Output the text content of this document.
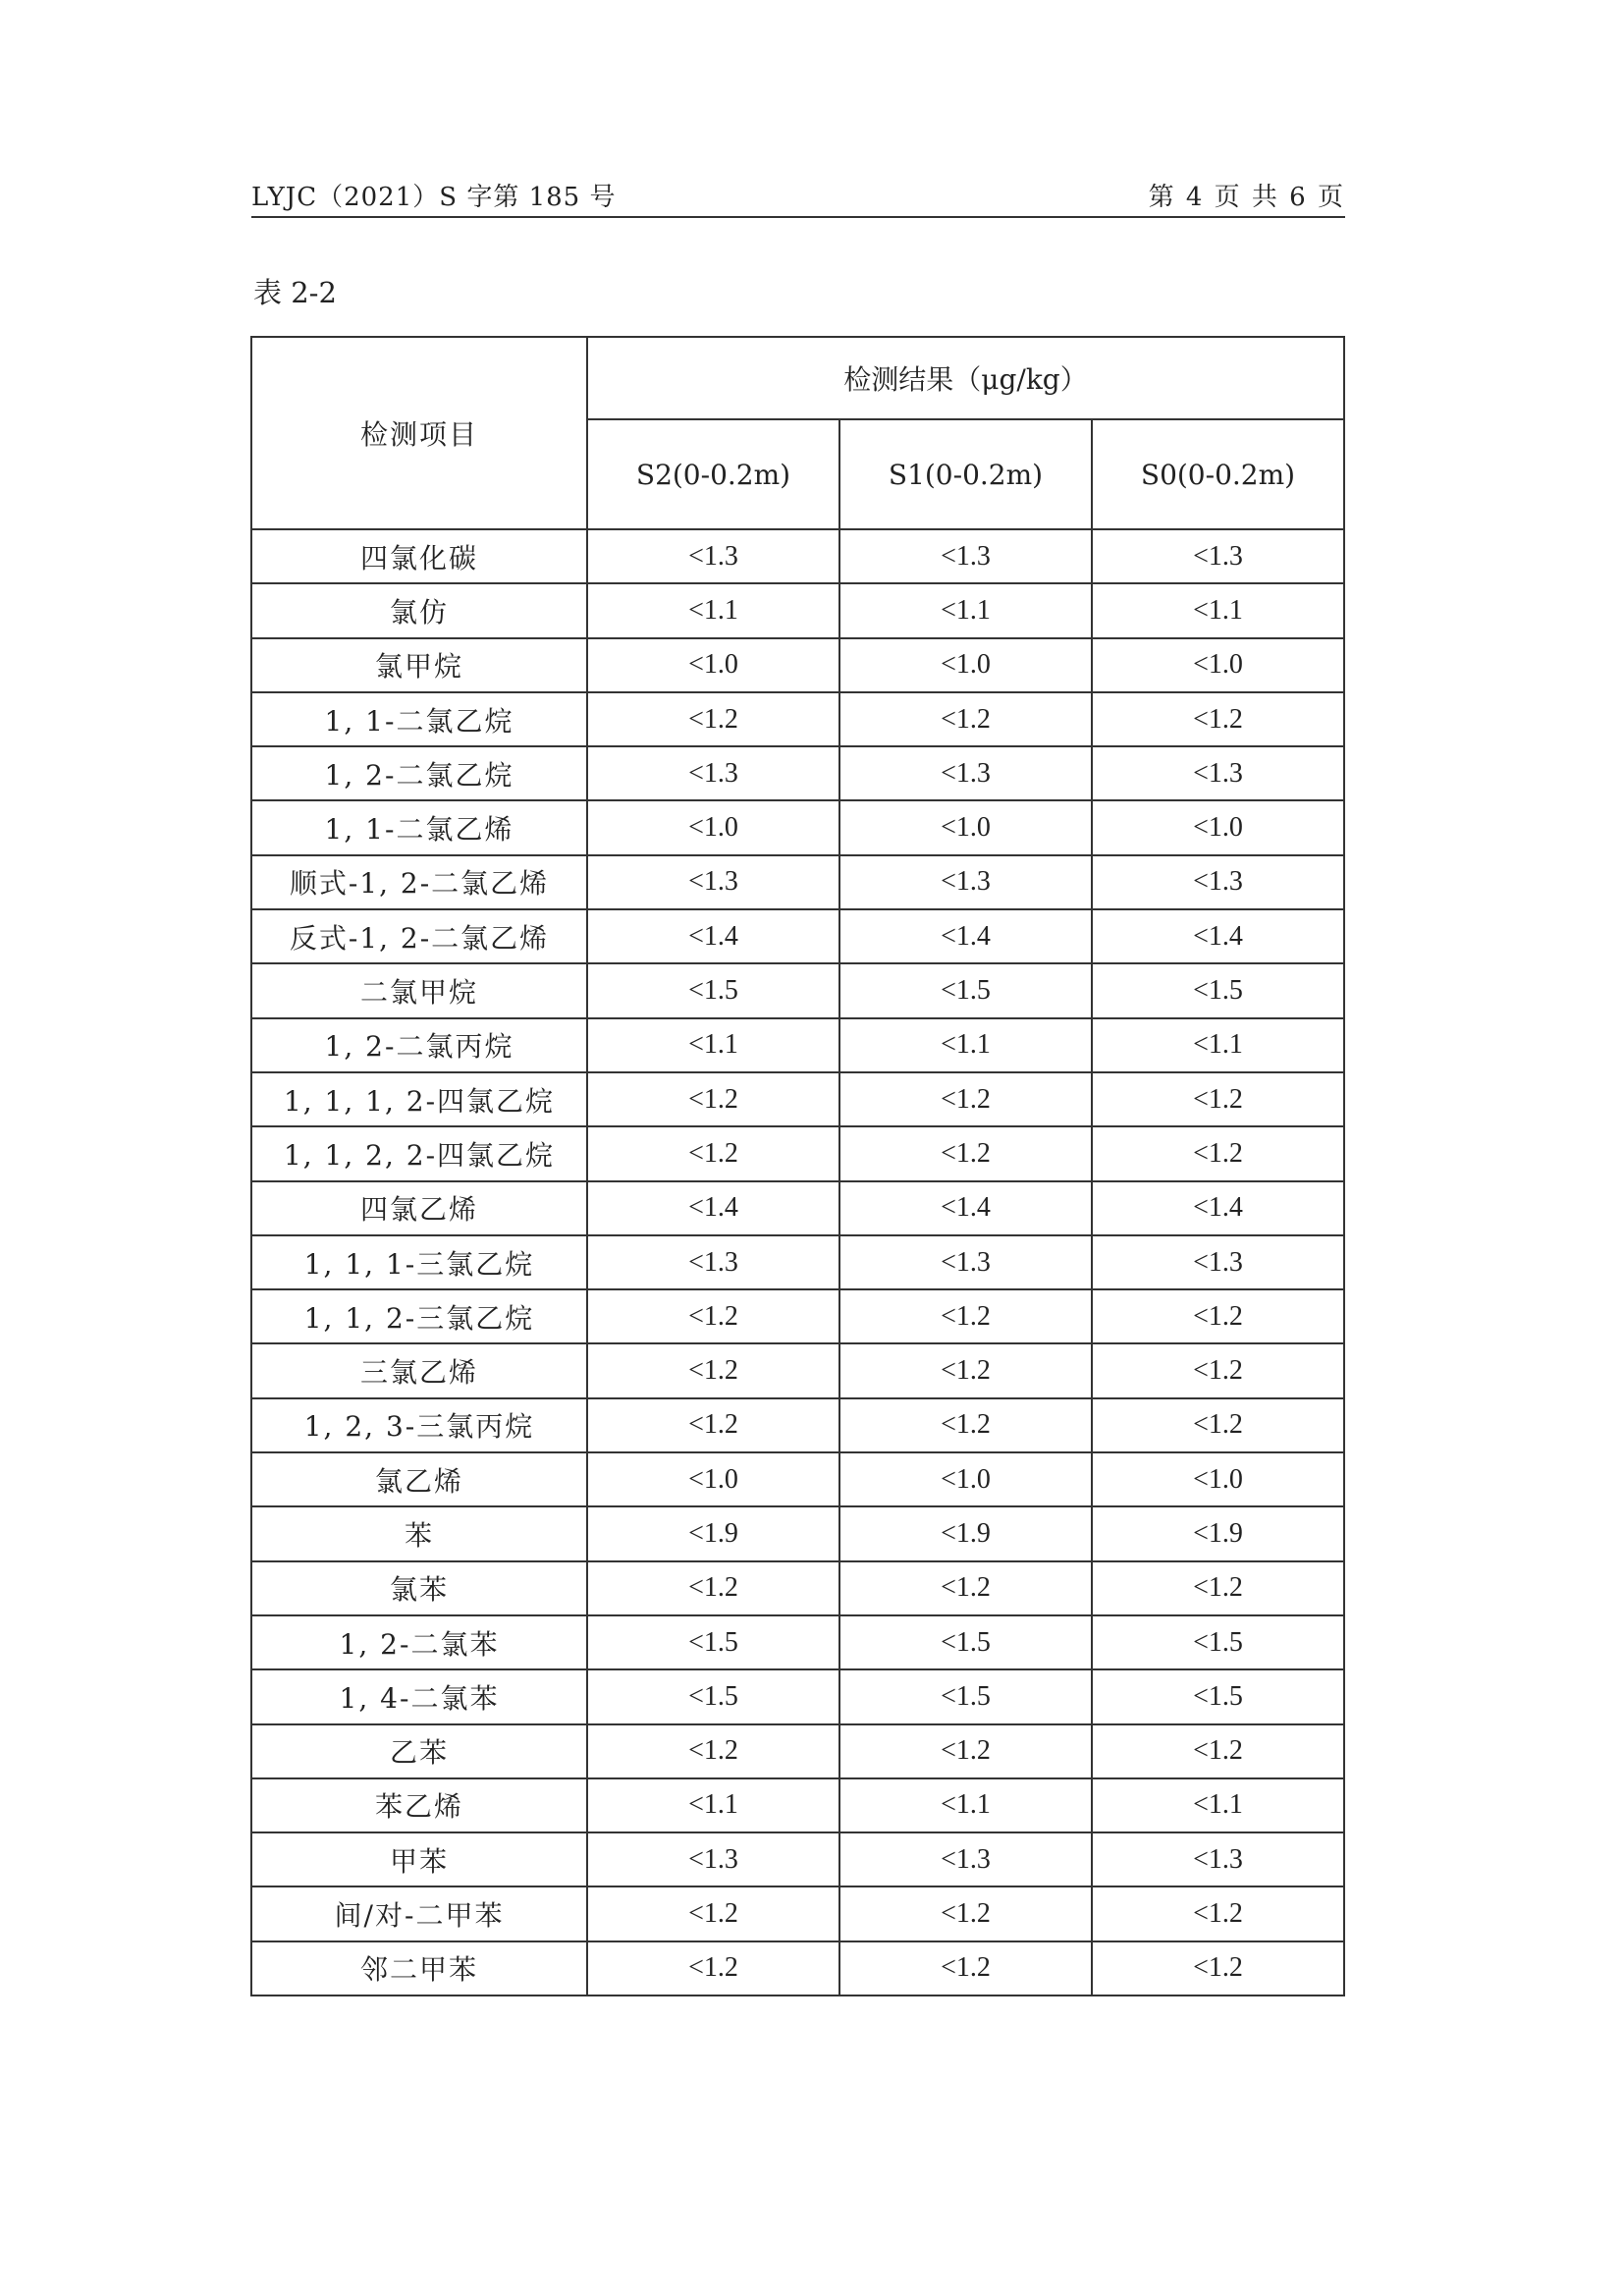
LYJC（2021）S 字第 185 号	第 4 页 共 6 页
表 2-2
检测项目	检测结果（μg/kg）		
	S2(0-0.2m)	S1(0-0.2m)	S0(0-0.2m)
四氯化碳	<1.3	<1.3	<1.3
氯仿	<1.1	<1.1	<1.1
氯甲烷	<1.0	<1.0	<1.0
1, 1-二氯乙烷	<1.2	<1.2	<1.2
1, 2-二氯乙烷	<1.3	<1.3	<1.3
1, 1-二氯乙烯	<1.0	<1.0	<1.0
顺式-1, 2-二氯乙烯	<1.3	<1.3	<1.3
反式-1, 2-二氯乙烯	<1.4	<1.4	<1.4
二氯甲烷	<1.5	<1.5	<1.5
1, 2-二氯丙烷	<1.1	<1.1	<1.1
1, 1, 1, 2-四氯乙烷	<1.2	<1.2	<1.2
1, 1, 2, 2-四氯乙烷	<1.2	<1.2	<1.2
四氯乙烯	<1.4	<1.4	<1.4
1, 1, 1-三氯乙烷	<1.3	<1.3	<1.3
1, 1, 2-三氯乙烷	<1.2	<1.2	<1.2
三氯乙烯	<1.2	<1.2	<1.2
1, 2, 3-三氯丙烷	<1.2	<1.2	<1.2
氯乙烯	<1.0	<1.0	<1.0
苯	<1.9	<1.9	<1.9
氯苯	<1.2	<1.2	<1.2
1, 2-二氯苯	<1.5	<1.5	<1.5
1, 4-二氯苯	<1.5	<1.5	<1.5
乙苯	<1.2	<1.2	<1.2
苯乙烯	<1.1	<1.1	<1.1
甲苯	<1.3	<1.3	<1.3
间/对-二甲苯	<1.2	<1.2	<1.2
邻二甲苯	<1.2	<1.2	<1.2
